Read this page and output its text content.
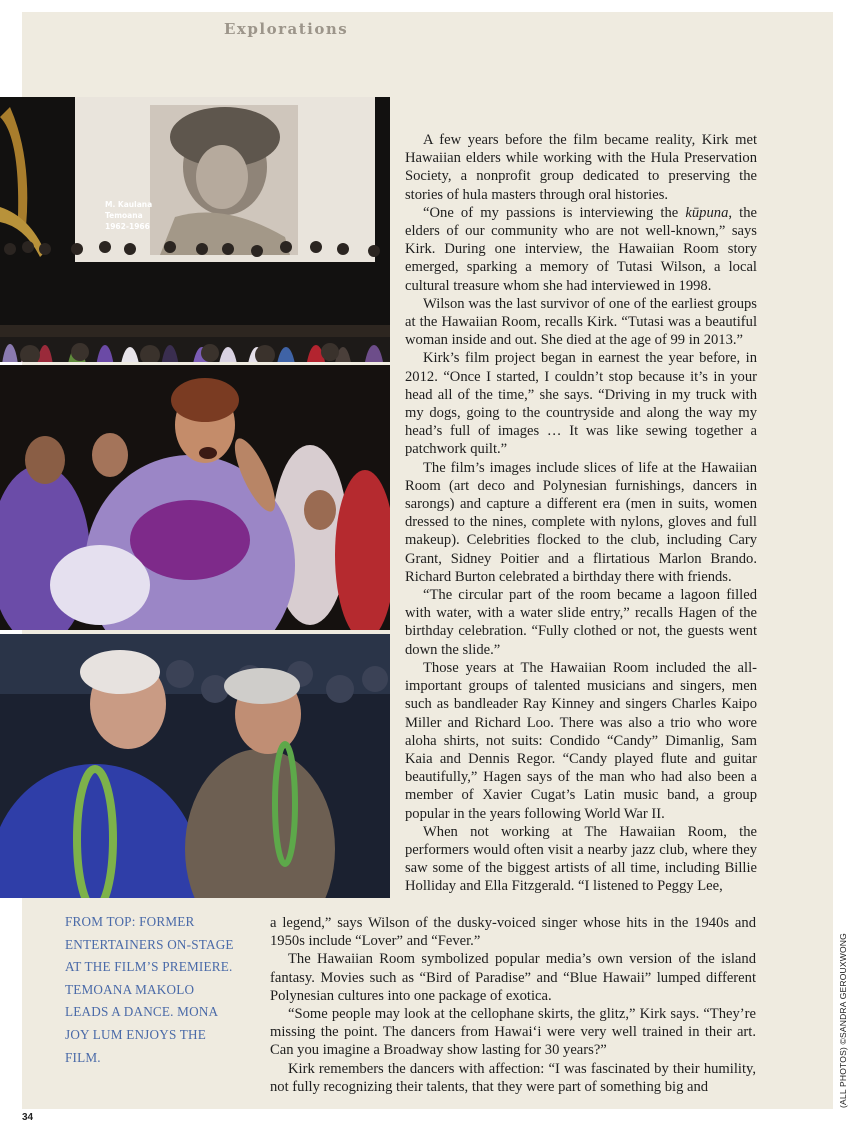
Explorations
M. Kaulana
Temoana
1962-1966

A few years before the film became reality, Kirk met Hawaiian elders while working with the Hula Preservation Society, a nonprofit group dedicated to preserving the stories of hula masters through oral histories.

“One of my passions is interviewing the kūpuna, the elders of our community who are not well-known,” says Kirk. During one interview, the Hawaiian Room story emerged, sparking a memory of Tutasi Wilson, a local cultural treasure whom she had interviewed in 1998.

Wilson was the last survivor of one of the earliest groups at the Hawaiian Room, recalls Kirk. “Tutasi was a beautiful woman inside and out. She died at the age of 99 in 2013.”

Kirk’s film project began in earnest the year before, in 2012. “Once I started, I couldn’t stop because it’s in your head all of the time,” she says. “Driving in my truck with my dogs, going to the countryside and along the way my head’s full of images … It was like sewing together a patchwork quilt.”

The film’s images include slices of life at the Hawaiian Room (art deco and Polynesian furnishings, dancers in sarongs) and capture a different era (men in suits, women dressed to the nines, complete with nylons, gloves and full makeup). Celebrities flocked to the club, including Cary Grant, Sidney Poitier and a flirtatious Marlon Brando. Richard Burton celebrated a birthday there with friends.

“The circular part of the room became a lagoon filled with water, with a water slide entry,” recalls Hagen of the birthday celebration. “Fully clothed or not, the guests went down the slide.”

Those years at The Hawaiian Room included the all-important groups of talented musicians and singers, men such as bandleader Ray Kinney and singers Charles Kaipo Miller and Richard Loo. There was also a trio who wore aloha shirts, not suits: Condido “Candy” Dimanlig, Sam Kaia and Dennis Regor. “Candy played flute and guitar beautifully,” Hagen says of the man who had also been a member of Xavier Cugat’s Latin music band, a group popular in the years following World War II.

When not working at The Hawaiian Room, the performers would often visit a nearby jazz club, where they saw some of the biggest artists of all time, including Billie Holliday and Ella Fitzgerald. “I listened to Peggy Lee,

FROM TOP: FORMER ENTERTAINERS ON-STAGE AT THE FILM’S PREMIERE. TEMOANA MAKOLO LEADS A DANCE. MONA JOY LUM ENJOYS THE FILM.

a legend,” says Wilson of the dusky-voiced singer whose hits in the 1940s and 1950s include “Lover” and “Fever.”

The Hawaiian Room symbolized popular media’s own version of the island fantasy. Movies such as “Bird of Paradise” and “Blue Hawaii” lumped different Polynesian cultures into one package of exotica.

“Some people may look at the cellophane skirts, the glitz,” Kirk says. “They’re missing the point. The dancers from Hawai‘i were very well trained in their art. Can you imagine a Broadway show lasting for 30 years?”

Kirk remembers the dancers with affection: “I was fascinated by their humility, not fully recognizing their talents, that they were part of something big and

34
(ALL PHOTOS) ©SANDRA GEROUXWONG
